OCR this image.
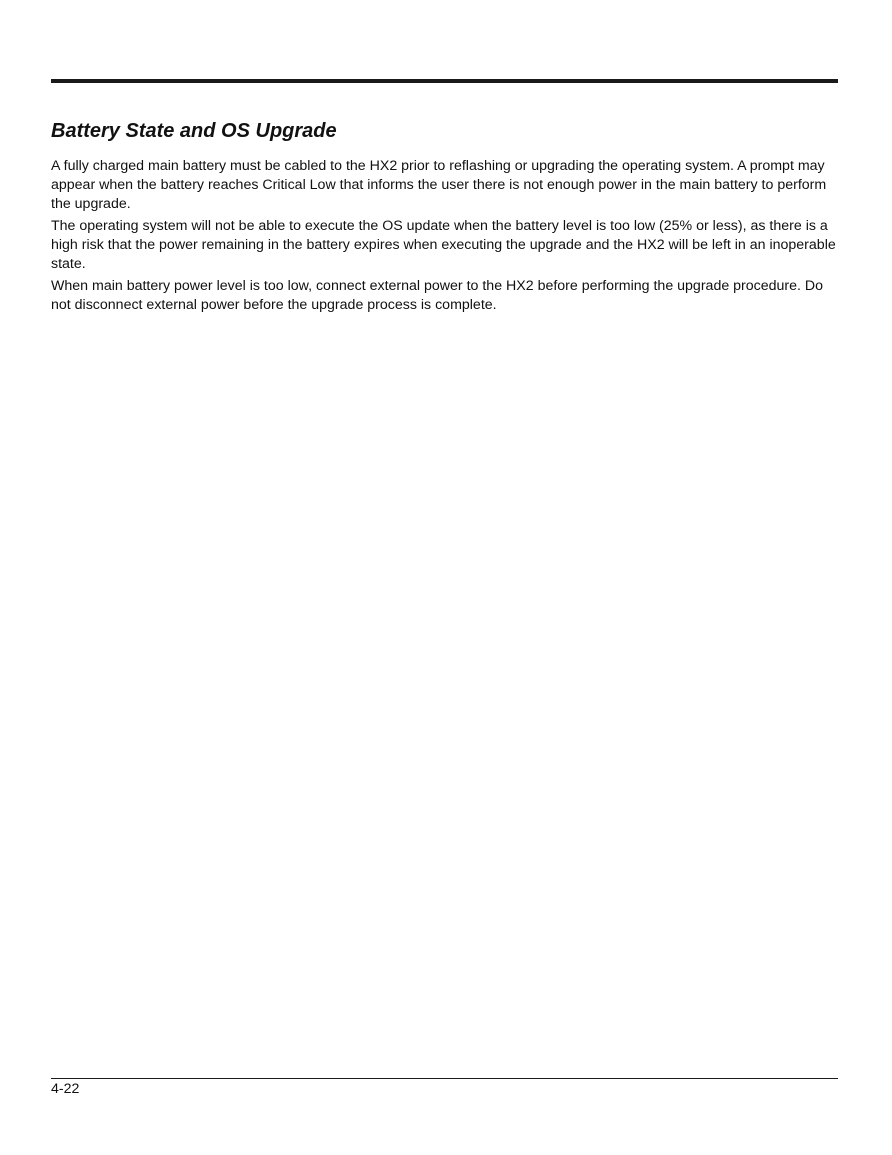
Battery State and OS Upgrade

A fully charged main battery must be cabled to the HX2 prior to reflashing or upgrading the operating system. A prompt may appear when the battery reaches Critical Low that informs the user there is not enough power in the main battery to perform the upgrade.

The operating system will not be able to execute the OS update when the battery level is too low (25% or less), as there is a high risk that the power remaining in the battery expires when executing the upgrade and the HX2 will be left in an inoperable state.

When main battery power level is too low, connect external power to the HX2 before performing the upgrade procedure. Do not disconnect external power before the upgrade process is complete.

4-22
